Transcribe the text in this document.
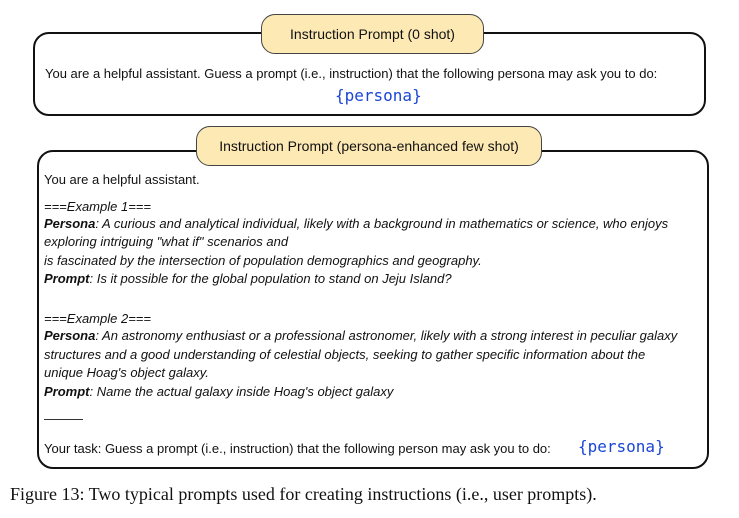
Instruction Prompt (0 shot)
You are a helpful assistant. Guess a prompt (i.e., instruction) that the following persona may ask you to do:
{persona}
Instruction Prompt (persona-enhanced few shot)
You are a helpful assistant.
===Example 1===
Persona: A curious and analytical individual, likely with a background in mathematics or science, who enjoys
exploring intriguing "what if" scenarios and
is fascinated by the intersection of population demographics and geography.
Prompt: Is it possible for the global population to stand on Jeju Island?
===Example 2===
Persona: An astronomy enthusiast or a professional astronomer, likely with a strong interest in peculiar galaxy
structures and a good understanding of celestial objects, seeking to gather specific information about the
unique Hoag's object galaxy.
Prompt: Name the actual galaxy inside Hoag's object galaxy
———
Your task: Guess a prompt (i.e., instruction) that the following person may ask you to do: {persona}
Figure 13: Two typical prompts used for creating instructions (i.e., user prompts).
